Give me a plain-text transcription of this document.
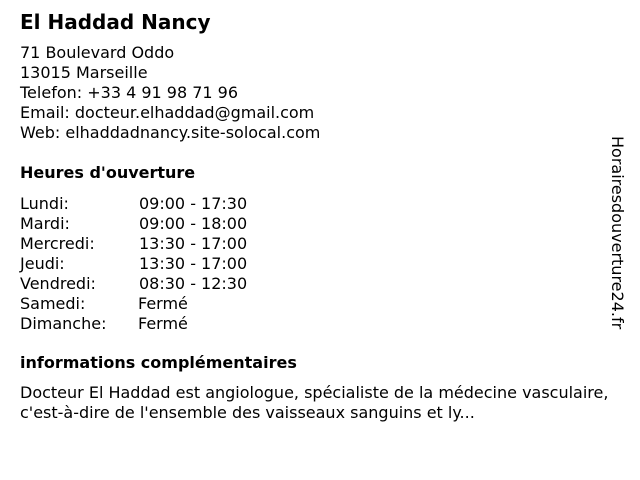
El Haddad Nancy
71 Boulevard Oddo
13015 Marseille
Telefon: +33 4 91 98 71 96
Email: docteur.elhaddad@gmail.com
Web: elhaddadnancy.site-solocal.com
Heures d'ouverture
Lundi:	09:00 - 17:30
Mardi:	09:00 - 18:00
Mercredi:	13:30 - 17:00
Jeudi:	13:30 - 17:00
Vendredi:	08:30 - 12:30
Samedi:	Fermé
Dimanche:	Fermé
informations complémentaires
Docteur El Haddad est angiologue, spécialiste de la médecine vasculaire, c'est-à-dire de l'ensemble des vaisseaux sanguins et ly...
Horairesdouverture24.fr
